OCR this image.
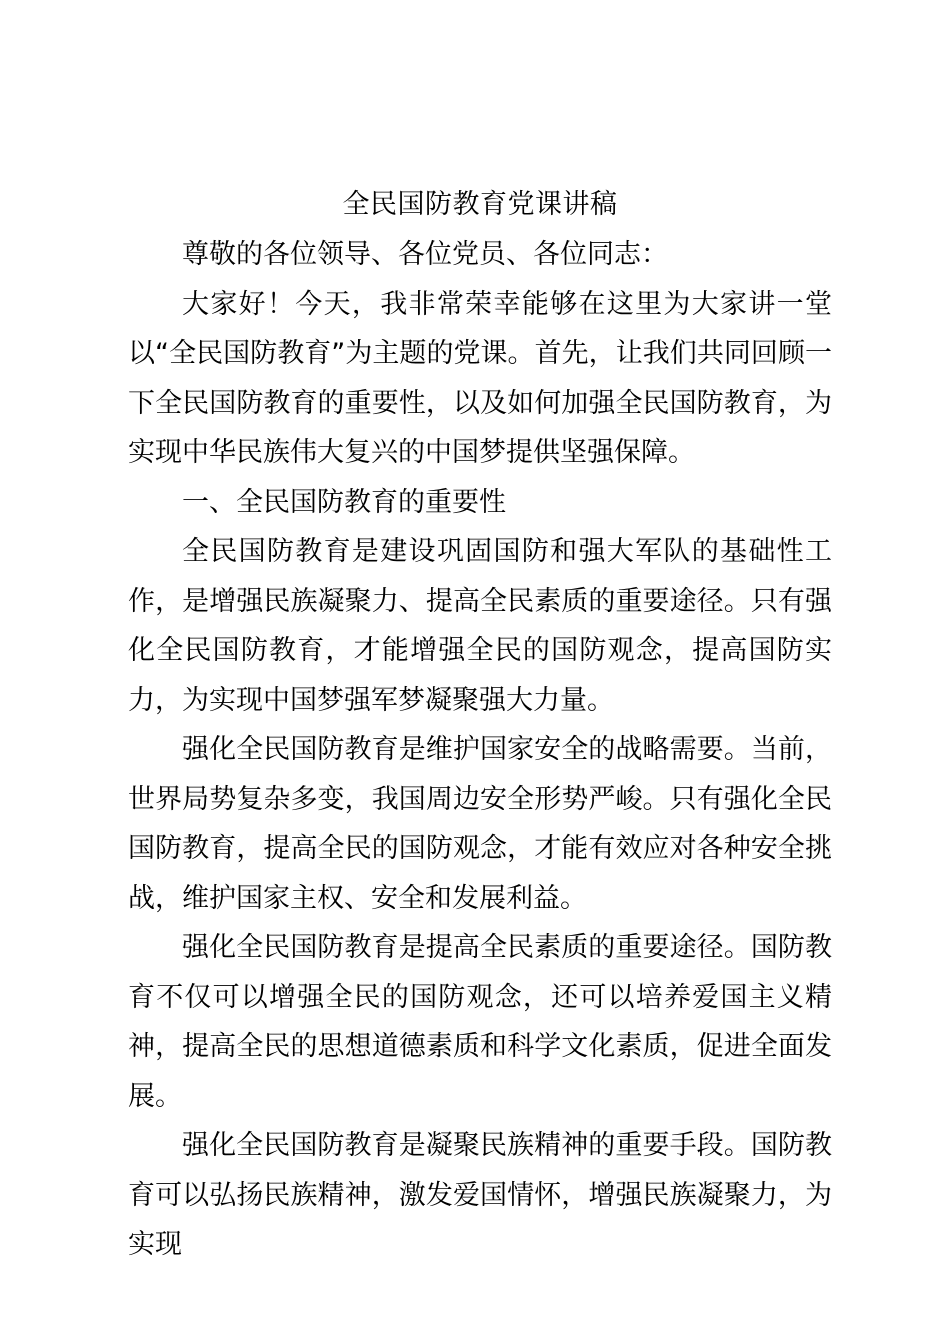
全民国防教育党课讲稿

尊敬的各位领导、各位党员、各位同志：

大家好！今天，我非常荣幸能够在这里为大家讲一堂以“全民国防教育”为主题的党课。首先，让我们共同回顾一下全民国防教育的重要性，以及如何加强全民国防教育，为实现中华民族伟大复兴的中国梦提供坚强保障。

一、全民国防教育的重要性

全民国防教育是建设巩固国防和强大军队的基础性工作，是增强民族凝聚力、提高全民素质的重要途径。只有强化全民国防教育，才能增强全民的国防观念，提高国防实力，为实现中国梦强军梦凝聚强大力量。

强化全民国防教育是维护国家安全的战略需要。当前，世界局势复杂多变，我国周边安全形势严峻。只有强化全民国防教育，提高全民的国防观念，才能有效应对各种安全挑战，维护国家主权、安全和发展利益。

强化全民国防教育是提高全民素质的重要途径。国防教育不仅可以增强全民的国防观念，还可以培养爱国主义精神，提高全民的思想道德素质和科学文化素质，促进全面发展。

强化全民国防教育是凝聚民族精神的重要手段。国防教育可以弘扬民族精神，激发爱国情怀，增强民族凝聚力，为实现
